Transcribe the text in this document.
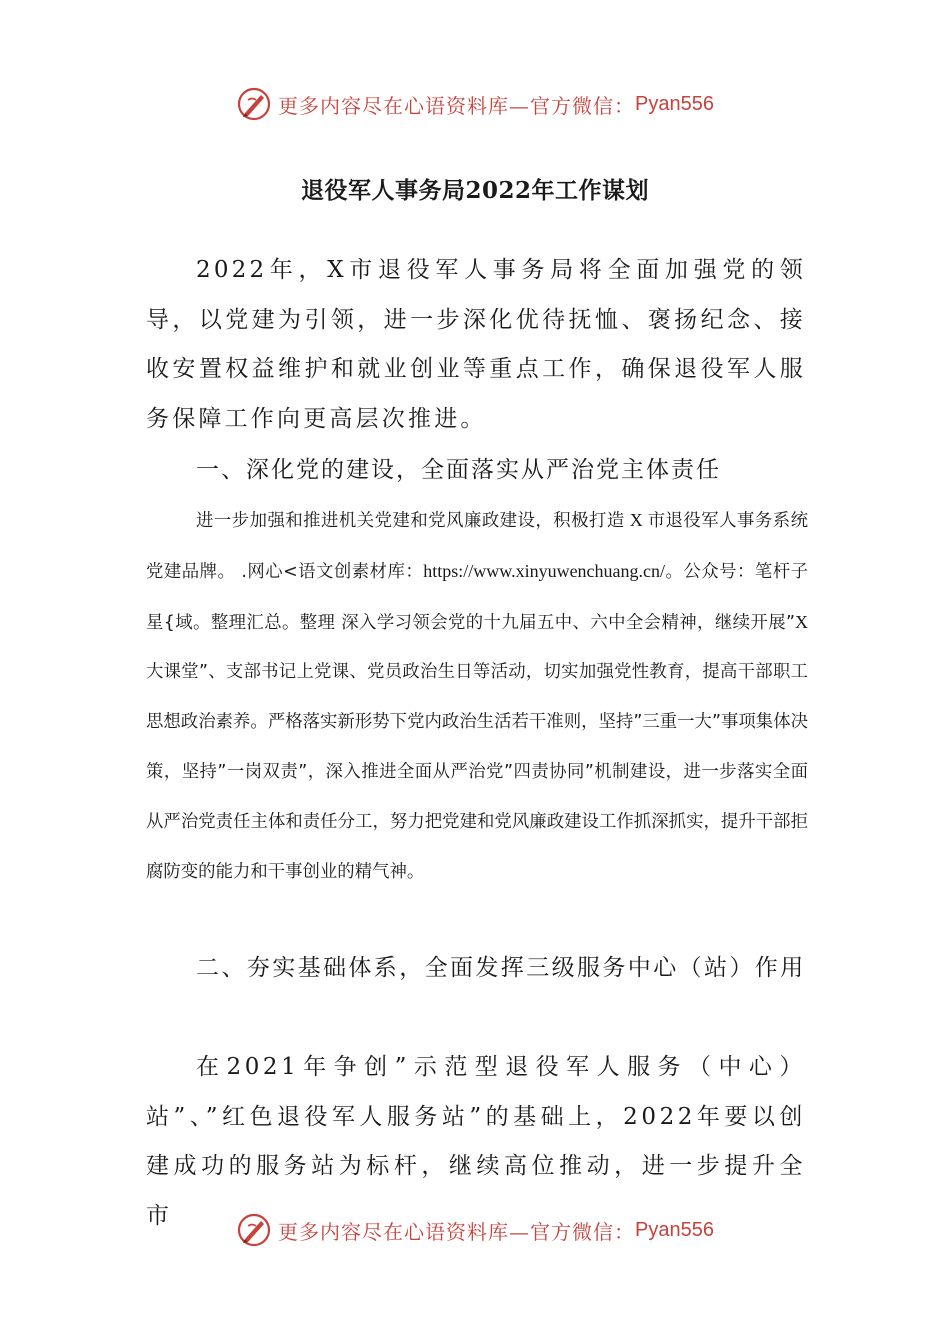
更多内容尽在心语资料库—官方微信： Pyan556
退役军人事务局2022年工作谋划

2022年，X市退役军人事务局将全面加强党的领导，以党建为引领，进一步深化优待抚恤、褒扬纪念、接收安置权益维护和就业创业等重点工作，确保退役军人服务保障工作向更高层次推进。

一、深化党的建设，全面落实从严治党主体责任

进一步加强和推进机关党建和党风廉政建设，积极打造 X 市退役军人事务系统党建品牌。 .网心<语文创素材库：https://www.xinyuwenchuang.cn/。公众号：笔杆子星{域。整理汇总。整理 深入学习领会党的十九届五中、六中全会精神，继续开展”X大课堂”、支部书记上党课、党员政治生日等活动，切实加强党性教育，提高干部职工思想政治素养。严格落实新形势下党内政治生活若干准则，坚持”三重一大”事项集体决策，坚持”一岗双责”，深入推进全面从严治党”四责协同”机制建设，进一步落实全面从严治党责任主体和责任分工，努力把党建和党风廉政建设工作抓深抓实，提升干部拒腐防变的能力和干事创业的精气神。

二、夯实基础体系，全面发挥三级服务中心（站）作用

在2021年争创”示范型退役军人服务（中心）站”、”红色退役军人服务站”的基础上，2022年要以创建成功的服务站为标杆，继续高位推动，进一步提升全市

更多内容尽在心语资料库—官方微信： Pyan556
